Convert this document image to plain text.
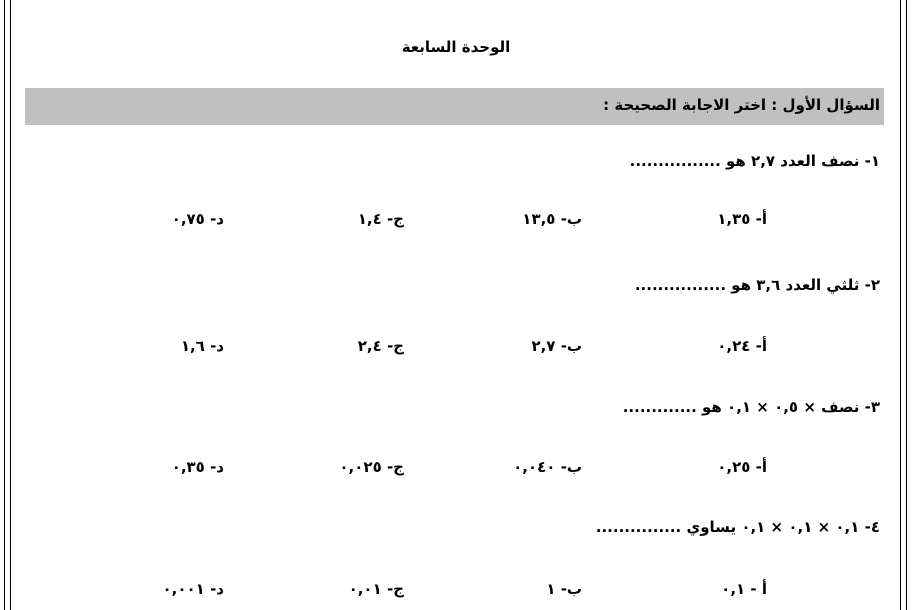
الوحدة السابعة
السؤال الأول : اختر الاجابة الصحيحة :
١- نصف العدد ٢,٧ هو ................
أ- ١,٣٥
ب- ١٣,٥
ج- ١,٤
د- ٠,٧٥
٢- ثلثي العدد ٣,٦ هو ................
أ- ٠,٢٤
ب- ٢,٧
ج- ٢,٤
د- ١,٦
٣- نصف × ٠,٥ × ٠,١ هو .............
أ- ٠,٢٥
ب- ٠,٠٤٠
ج- ٠,٠٢٥
د- ٠,٣٥
٤- ٠,١ × ٠,١ × ٠,١ يساوي ...............
أ - ٠,١
ب- ١
ج- ٠,٠١
د- ٠,٠٠١
